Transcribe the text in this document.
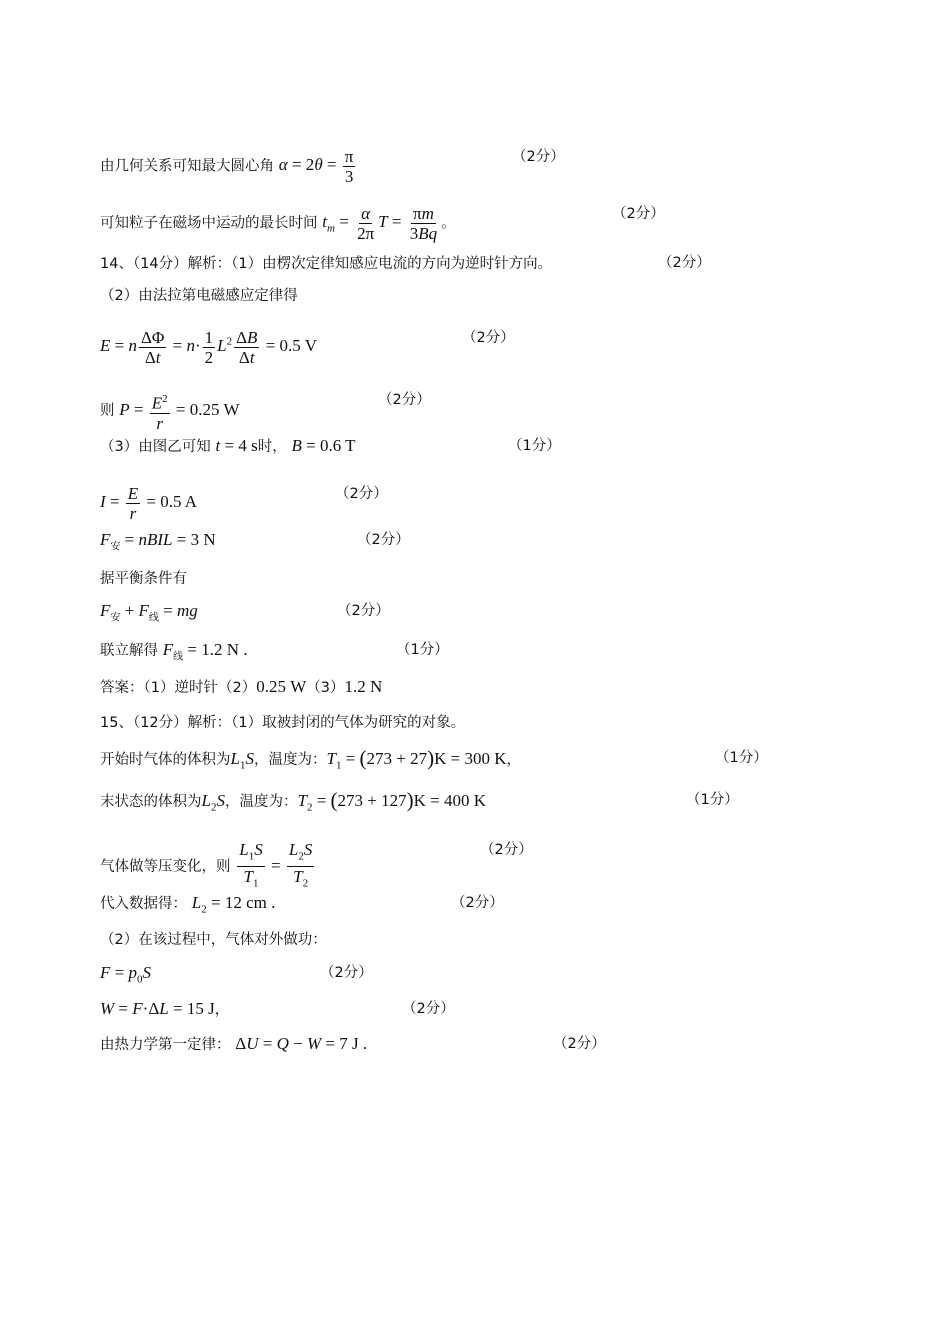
由几何关系可知最大圆心角 $\alpha = 2\theta = \frac{\pi}{3}$	（2分）
可知粒子在磁场中运动的最长时间 $t_m = \frac{\alpha}{2\pi}$ $T = \frac{\pi m}{3Bq}$ 。
（2分）
14、（14分）解析：（1）由楞次定律知感应电流的方向为逆时针方向。	（2分）
（2）由法拉第电磁感应定律得
E = n $\frac{\Delta\Phi}{\Delta t} = n\cdot \frac{1}{2} L^2 \frac{\Delta B}{\Delta t} = 0.5$ V	（2分）
则 $P = \frac{E^2}{r} = 0.25$ W
（2分）
（3）由图乙可知 t = 4 s时， B = 0.6 T	（1分）
$I = \frac{E}{r} = 0.5$ A	（2分）
$F_安$ = nBIL = 3 N	（2分）
据平衡条件有
$F_安 + F_线$ = mg	（2分）
联立解得 $F_线 = 1.2$ N .	（1分）
答案：（1）逆时针（2）0.25 W（3）1.2 N
15、（12分）解析：（1）取被封闭的气体为研究的对象。
开始时气体的体积为$L_1S$，温度为：$T_1 = (273 + 27)K = 300$ K，	（1分）
末状态的体积为$L_2S$，温度为：$T_2 = (273 + 127)K = 400$ K	（1分）
气体做等压变化，则 $\frac{L_1S}{T_1} = \frac{L_2S}{T_2}$	（2分）
代入数据得： $L_2 = 12$ cm .	（2分）
（2）在该过程中，气体对外做功：
$F = p_0S$	（2分）
W = F·ΔL = 15 J，	（2分）
由热力学第一定律： ΔU = Q − W = 7 J .	（2分）
